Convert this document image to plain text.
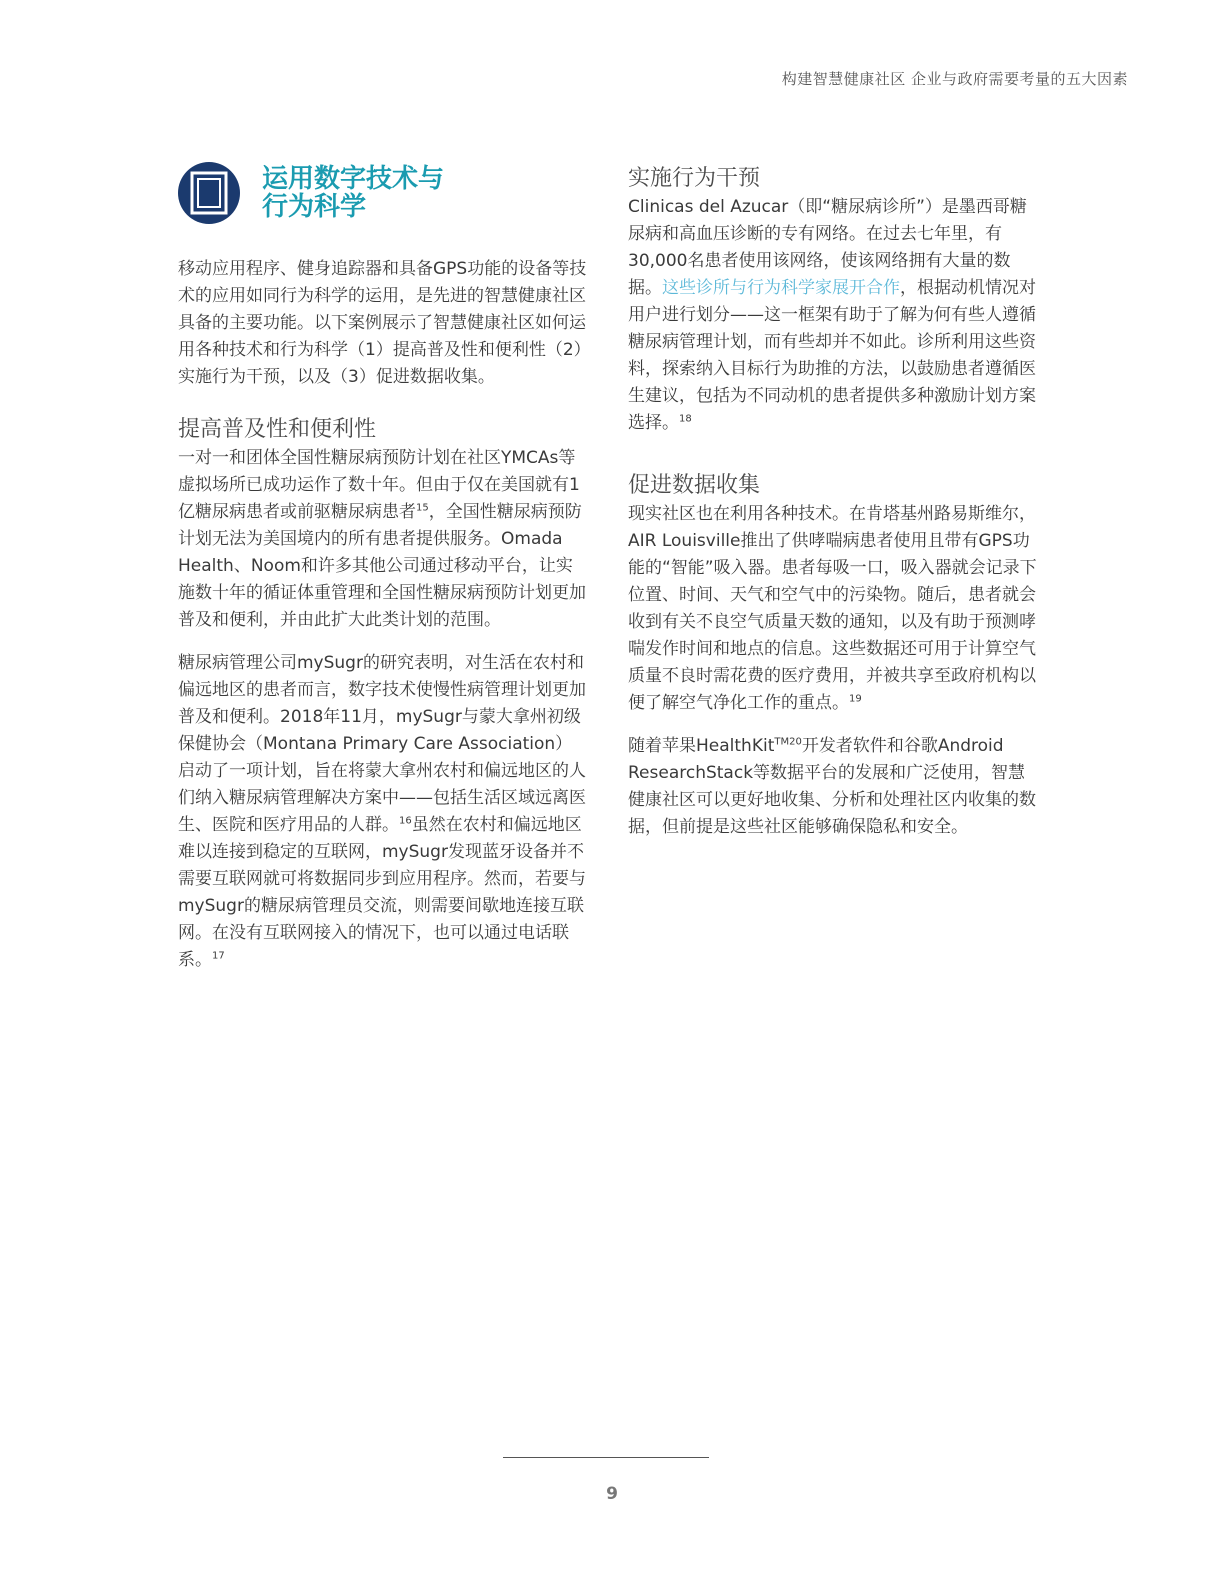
构建智慧健康社区 企业与政府需要考量的五大因素
运用数字技术与
行为科学

移动应用程序、健身追踪器和具备GPS功能的设备等技术的应用如同行为科学的运用，是先进的智慧健康社区具备的主要功能。以下案例展示了智慧健康社区如何运用各种技术和行为科学（1）提高普及性和便利性（2）实施行为干预，以及（3）促进数据收集。

提高普及性和便利性

一对一和团体全国性糖尿病预防计划在社区YMCAs等虚拟场所已成功运作了数十年。但由于仅在美国就有1亿糖尿病患者或前驱糖尿病患者$^{15}$，全国性糖尿病预防计划无法为美国境内的所有患者提供服务。Omada Health、Noom和许多其他公司通过移动平台，让实施数十年的循证体重管理和全国性糖尿病预防计划更加普及和便利，并由此扩大此类计划的范围。

糖尿病管理公司mySugr的研究表明，对生活在农村和偏远地区的患者而言，数字技术使慢性病管理计划更加普及和便利。2018年11月，mySugr与蒙大拿州初级保健协会（Montana Primary Care Association）启动了一项计划，旨在将蒙大拿州农村和偏远地区的人们纳入糖尿病管理解决方案中——包括生活区域远离医生、医院和医疗用品的人群。$^{16}$虽然在农村和偏远地区难以连接到稳定的互联网，mySugr发现蓝牙设备并不需要互联网就可将数据同步到应用程序。然而，若要与mySugr的糖尿病管理员交流，则需要间歇地连接互联网。在没有互联网接入的情况下，也可以通过电话联系。$^{17}$

实施行为干预

Clinicas del Azucar（即“糖尿病诊所”）是墨西哥糖尿病和高血压诊断的专有网络。在过去七年里，有30,000名患者使用该网络，使该网络拥有大量的数据。这些诊所与行为科学家展开合作，根据动机情况对用户进行划分——这一框架有助于了解为何有些人遵循糖尿病管理计划，而有些却并不如此。诊所利用这些资料，探索纳入目标行为助推的方法，以鼓励患者遵循医生建议，包括为不同动机的患者提供多种激励计划方案选择。$^{18}$

促进数据收集

现实社区也在利用各种技术。在肯塔基州路易斯维尔，AIR Louisville推出了供哮喘病患者使用且带有GPS功能的“智能”吸入器。患者每吸一口，吸入器就会记录下位置、时间、天气和空气中的污染物。随后，患者就会收到有关不良空气质量天数的通知，以及有助于预测哮喘发作时间和地点的信息。这些数据还可用于计算空气质量不良时需花费的医疗费用，并被共享至政府机构以便了解空气净化工作的重点。$^{19}$

随着苹果HealthKit$^{TM20}$开发者软件和谷歌Android ResearchStack等数据平台的发展和广泛使用，智慧健康社区可以更好地收集、分析和处理社区内收集的数据，但前提是这些社区能够确保隐私和安全。

9
